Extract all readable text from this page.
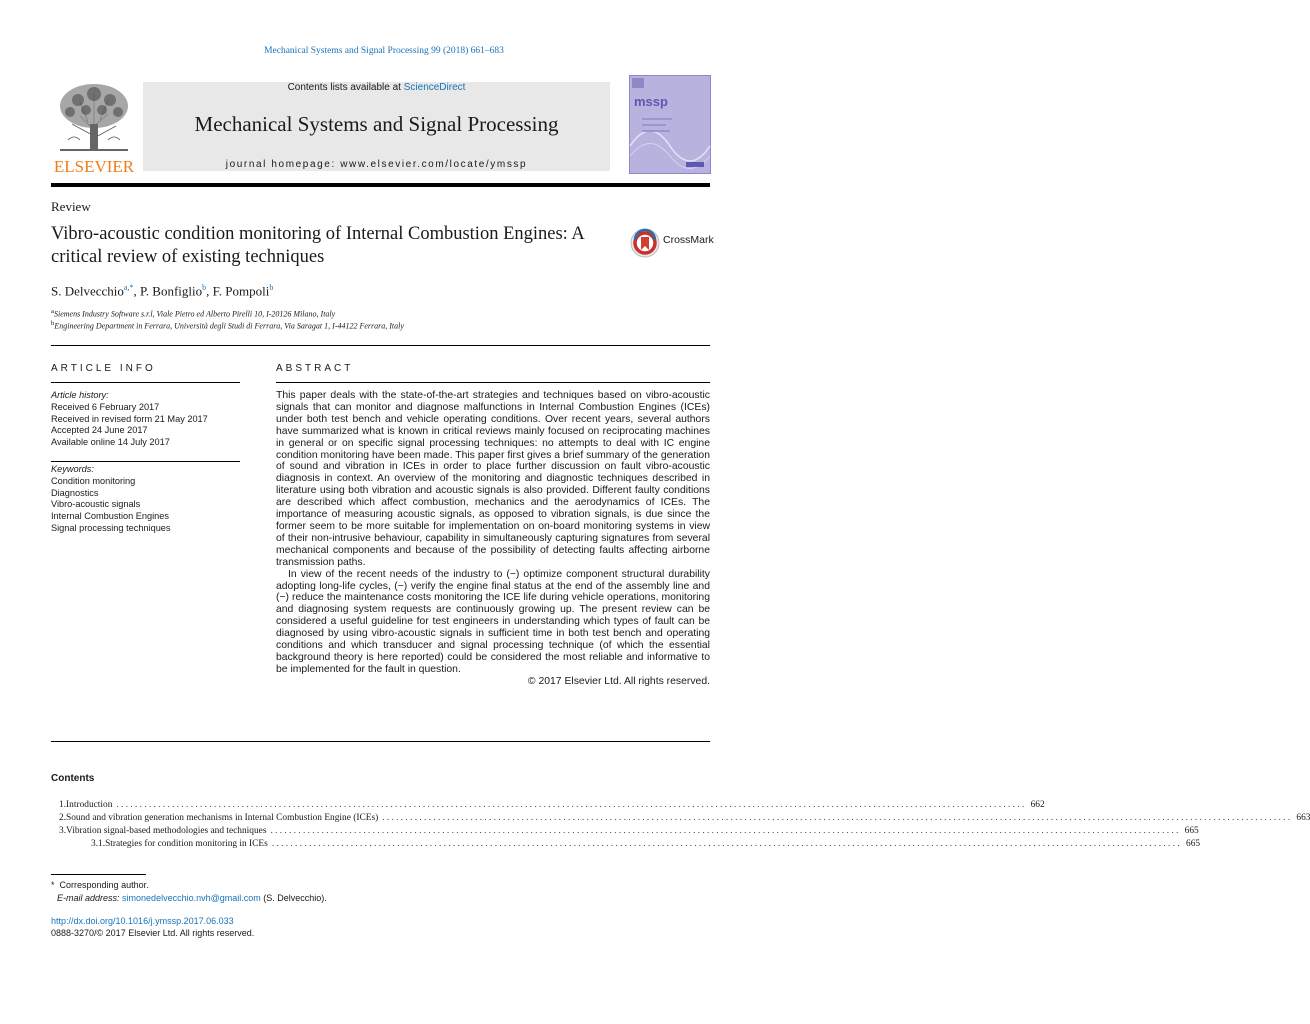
Mechanical Systems and Signal Processing 99 (2018) 661–683
ELSEVIER
Contents lists available at ScienceDirect
Mechanical Systems and Signal Processing
journal homepage: www.elsevier.com/locate/ymssp
mssp
Review
Vibro-acoustic condition monitoring of Internal Combustion Engines: A critical review of existing techniques
CrossMark
S. Delvecchio$^{a,*}$, P. Bonfiglio$^b$, F. Pompoli$^b$
$^a$Siemens Industry Software s.r.l, Viale Pietro ed Alberto Pirelli 10, I-20126 Milano, Italy
$^b$Engineering Department in Ferrara, Università degli Studi di Ferrara, Via Saragat 1, I-44122 Ferrara, Italy
ARTICLE INFO
Article history:
Received 6 February 2017
Received in revised form 21 May 2017
Accepted 24 June 2017
Available online 14 July 2017
Keywords:
Condition monitoring
Diagnostics
Vibro-acoustic signals
Internal Combustion Engines
Signal processing techniques
ABSTRACT

This paper deals with the state-of-the-art strategies and techniques based on vibro-acoustic signals that can monitor and diagnose malfunctions in Internal Combustion Engines (ICEs) under both test bench and vehicle operating conditions. Over recent years, several authors have summarized what is known in critical reviews mainly focused on reciprocating machines in general or on specific signal processing techniques: no attempts to deal with IC engine condition monitoring have been made. This paper first gives a brief summary of the generation of sound and vibration in ICEs in order to place further discussion on fault vibro-acoustic diagnosis in context. An overview of the monitoring and diagnostic techniques described in literature using both vibration and acoustic signals is also provided. Different faulty conditions are described which affect combustion, mechanics and the aerodynamics of ICEs. The importance of measuring acoustic signals, as opposed to vibration signals, is due since the former seem to be more suitable for implementation on on-board monitoring systems in view of their non-intrusive behaviour, capability in simultaneously capturing signatures from several mechanical components and because of the possibility of detecting faults affecting airborne transmission paths.

In view of the recent needs of the industry to (−) optimize component structural durability adopting long-life cycles, (−) verify the engine final status at the end of the assembly line and (−) reduce the maintenance costs monitoring the ICE life during vehicle operations, monitoring and diagnosing system requests are continuously growing up. The present review can be considered a useful guideline for test engineers in understanding which types of fault can be diagnosed by using vibro-acoustic signals in sufficient time in both test bench and operating conditions and which transducer and signal processing technique (of which the essential background theory is here reported) could be considered the most reliable and informative to be implemented for the fault in question.

© 2017 Elsevier Ltd. All rights reserved.

Contents
1. Introduction .................................................................................................................................................................................................... 662
2. Sound and vibration generation mechanisms in Internal Combustion Engine (ICEs) .................................................................................................................................................................................................... 663
3. Vibration signal-based methodologies and techniques .................................................................................................................................................................................................... 665
3.1. Strategies for condition monitoring in ICEs .................................................................................................................................................................................................... 665
* Corresponding author.
E-mail address: simonedelvecchio.nvh@gmail.com (S. Delvecchio).
http://dx.doi.org/10.1016/j.ymssp.2017.06.033
0888-3270/© 2017 Elsevier Ltd. All rights reserved.
